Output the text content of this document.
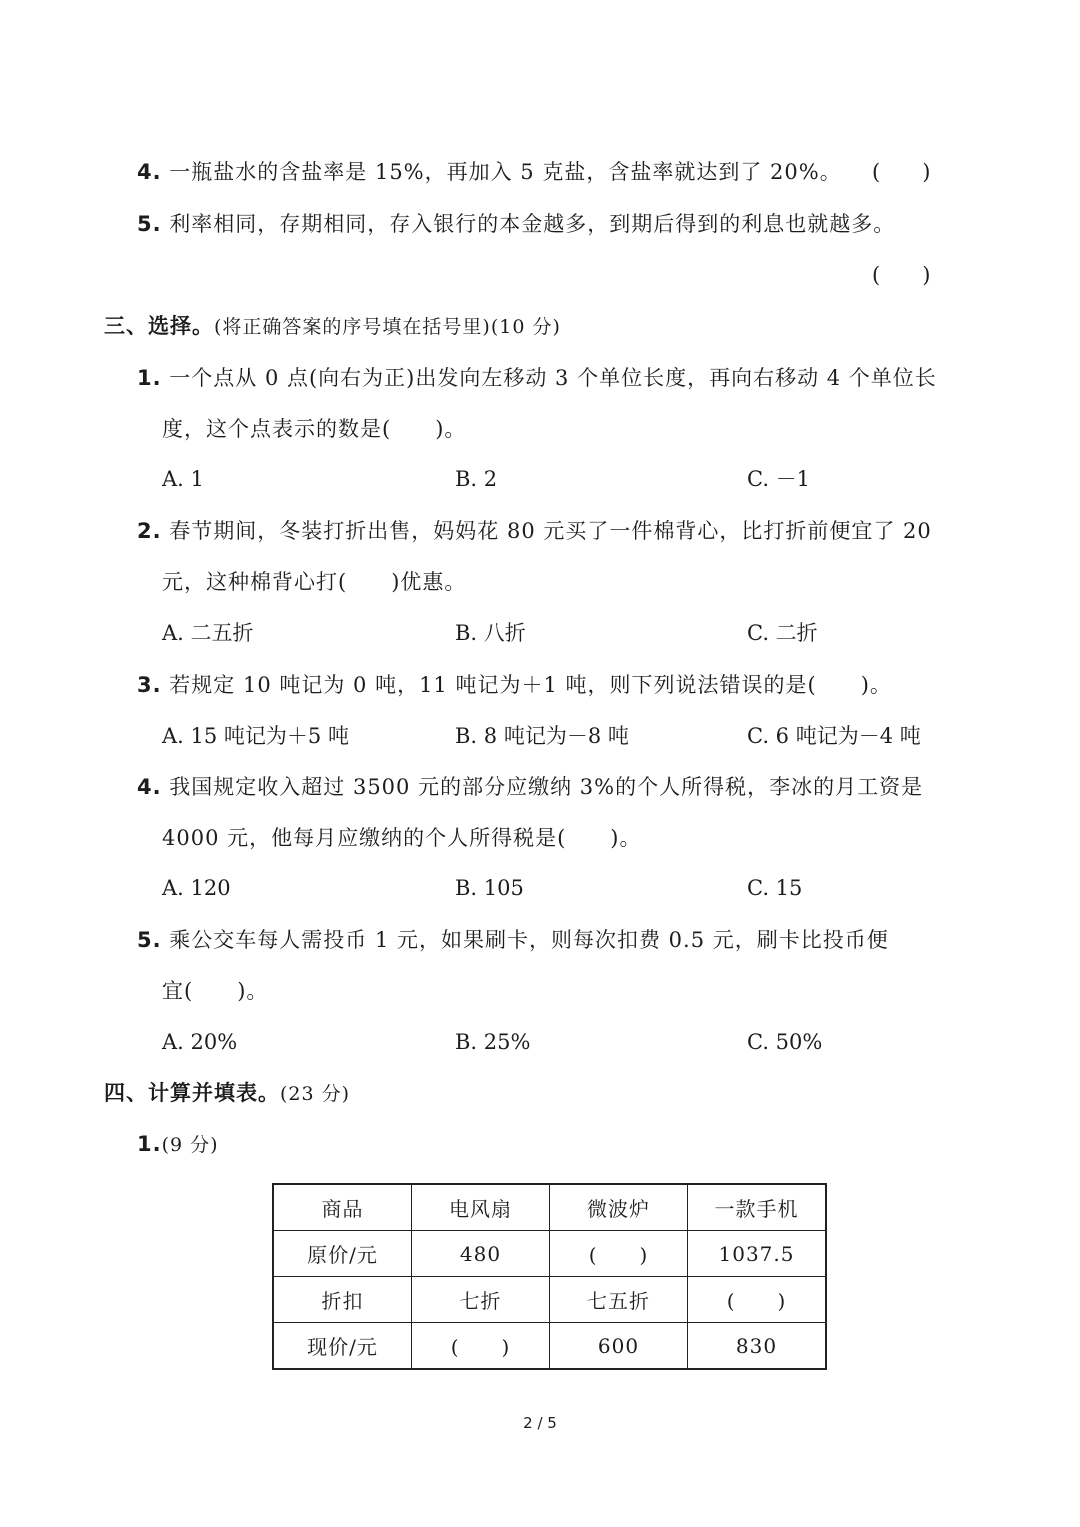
4. 一瓶盐水的含盐率是 15%，再加入 5 克盐，含盐率就达到了 20%。 (　　)
5. 利率相同，存期相同，存入银行的本金越多，到期后得到的利息也就越多。
(　　)
三、选择。(将正确答案的序号填在括号里)(10 分)
1. 一个点从 0 点(向右为正)出发向左移动 3 个单位长度，再向右移动 4 个单位长
度，这个点表示的数是(　　)。
A. 1	B. 2	C. －1
2. 春节期间，冬装打折出售，妈妈花 80 元买了一件棉背心，比打折前便宜了 20
元，这种棉背心打(　　)优惠。
A. 二五折	B. 八折	C. 二折
3. 若规定 10 吨记为 0 吨，11 吨记为＋1 吨，则下列说法错误的是(　　)。
A. 15 吨记为＋5 吨	B. 8 吨记为－8 吨	C. 6 吨记为－4 吨
4. 我国规定收入超过 3500 元的部分应缴纳 3%的个人所得税，李冰的月工资是
4000 元，他每月应缴纳的个人所得税是(　　)。
A. 120	B. 105	C. 15
5. 乘公交车每人需投币 1 元，如果刷卡，则每次扣费 0.5 元，刷卡比投币便
宜(　　)。
A. 20%	B. 25%	C. 50%
四、计算并填表。(23 分)
1.(9 分)
商品	电风扇	微波炉	一款手机
原价/元	480	(　　)	1037.5
折扣	七折	七五折	(　　)
现价/元	(　　)	600	830
2 / 5
